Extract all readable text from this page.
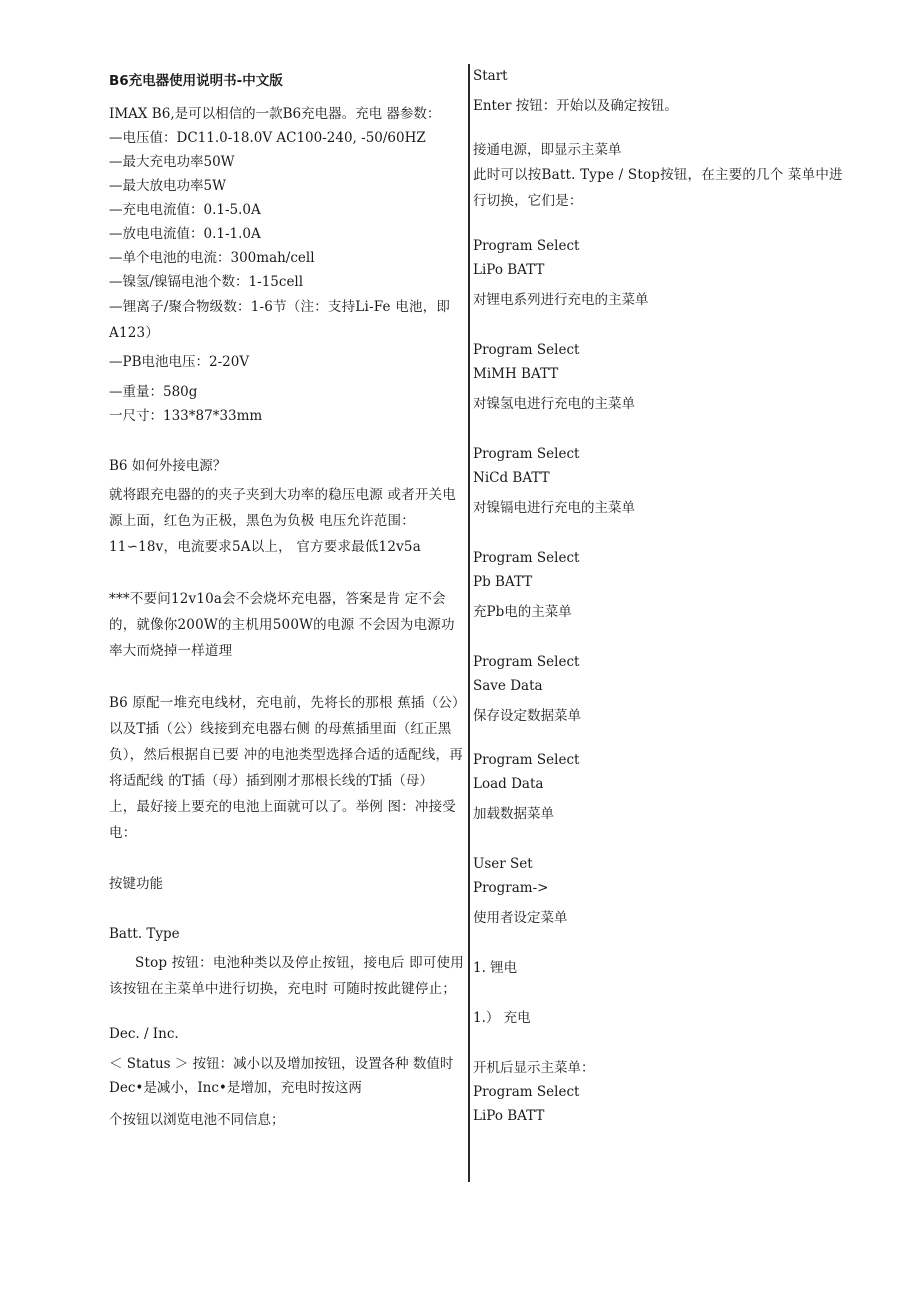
B6充电器使用说明书-中文版
IMAX B6,是可以相信的一款B6充电器。充电 器参数：
—电压值：DC11.0-18.0V AC100-240, -50/60HZ
—最大充电功率50W
—最大放电功率5W
—充电电流值：0.1-5.0A
—放电电流值：0.1-1.0A
—单个电池的电流：300mah/cell
—镍氢/镍镉电池个数：1-15cell
—锂离子/聚合物级数：1-6节（注：支持Li-Fe 电池，即A123）
—PB电池电压：2-20V
—重量：580g
一尺寸：133*87*33mm
B6 如何外接电源？
就将跟充电器的的夹子夹到大功率的稳压电源 或者开关电源上面，红色为正极，黑色为负极 电压允许范围：11∽18v，电流要求5A以上， 官方要求最低12v5a
***不要问12v10a会不会烧坏充电器，答案是肯 定不会的，就像你200W的主机用500W的电源 不会因为电源功率大而烧掉一样道理
B6 原配一堆充电线材，充电前，先将长的那根 蕉插（公）以及T插（公）线接到充电器右侧 的母蕉插里面（红正黑负），然后根据自已要 冲的电池类型选择合适的适配线，再将适配线 的T插（母）插到刚才那根长线的T插（母） 上，最好接上要充的电池上面就可以了。举例 图：冲接受电：
按键功能
Batt. Type
Stop 按钮：电池种类以及停止按钮，接电后 即可使用该按钮在主菜单中进行切换，充电时 可随时按此键停止；
Dec. / Inc.
＜ Status ＞ 按钮：减小以及增加按钮，设置各种 数值时
Dec•是减小，Inc•是增加，充电时按这两
个按钮以浏览电池不同信息；
Start
Enter 按钮：开始以及确定按钮。
接通电源，即显示主菜单
此时可以按Batt. Type / Stop按钮，在主要的几个 菜单中进行切换，它们是：
Program Select
LiPo BATT
对锂电系列进行充电的主菜单
Program Select
MiMH BATT
对镍氢电进行充电的主菜单
Program Select
NiCd BATT
对镍镉电进行充电的主菜单
Program Select
Pb BATT
充Pb电的主菜单
Program Select
Save Data
保存设定数据菜单
Program Select
Load Data
加载数据菜单
User Set
Program->
使用者设定菜单
1. 锂电
1.） 充电
开机后显示主菜单：
Program Select
LiPo BATT
